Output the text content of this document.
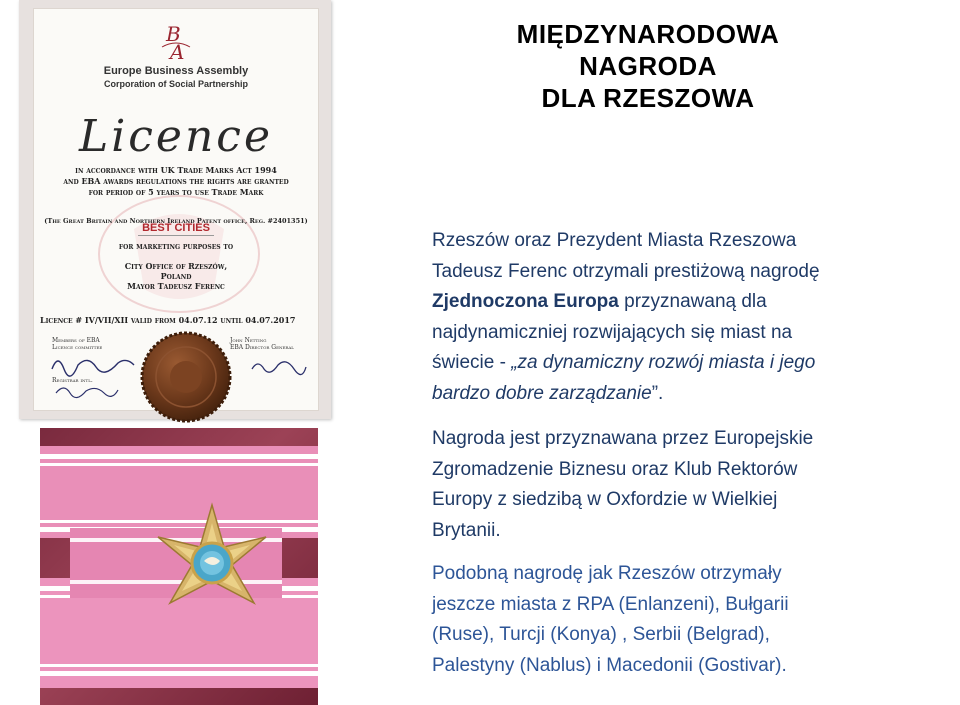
MIĘDZYNARODOWA
NAGRODA
DLA RZESZOWA
B
A
Europe Business Assembly
Corporation of Social Partnership
Licence
in accordance with UK Trade Marks Act 1994
and EBA awards regulations the rights are granted
for period of 5 years to use Trade Mark
BEST CITIES
(The Great Britain and Northern Ireland Patent office, Reg. #2401351)
for marketing purposes to
City Office of Rzeszów,
Poland
Mayor Tadeusz Ferenc
Licence # IV/VII/XII valid from 04.07.12 until 04.07.2017
Members of EBA
Licence committee
John Netting
EBA Director General
Registrar intl.
Rzeszów oraz Prezydent Miasta Rzeszowa
Tadeusz Ferenc otrzymali prestiżową nagrodę
Zjednoczona Europa przyznawaną dla
najdynamiczniej rozwijających się miast na
świecie - „za dynamiczny rozwój miasta i jego
bardzo dobre zarządzanie”.
Nagroda jest przyznawana przez Europejskie
Zgromadzenie Biznesu oraz Klub Rektorów
Europy z siedzibą w Oxfordzie w Wielkiej
Brytanii.
Podobną nagrodę jak Rzeszów otrzymały
jeszcze miasta z RPA (Enlanzeni), Bułgarii
(Ruse), Turcji (Konya) , Serbii (Belgrad),
Palestyny (Nablus) i Macedonii (Gostivar).
